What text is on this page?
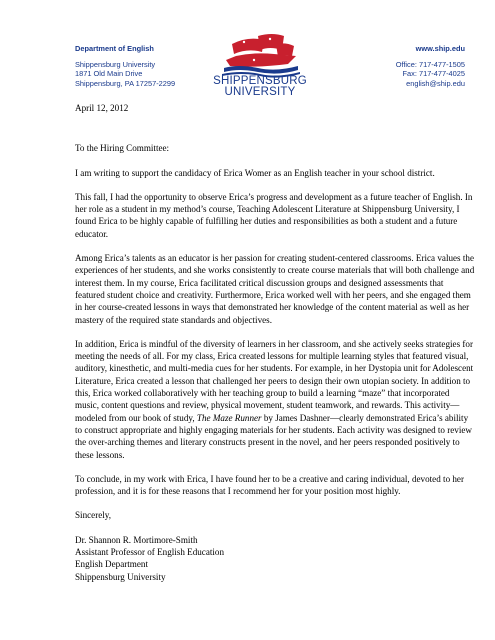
Department of English
Shippensburg University
1871 Old Main Drive
Shippensburg, PA 17257-2299	SHIPPENSBURG
UNIVERSITY
www.ship.edu
Office: 717-477-1505
Fax: 717-477-4025
english@ship.edu

April 12, 2012

To the Hiring Committee:

I am writing to support the candidacy of Erica Womer as an English teacher in your school district.

This fall, I had the opportunity to observe Erica’s progress and development as a future teacher of English. In her role as a student in my method’s course, Teaching Adolescent Literature at Shippensburg University, I found Erica to be highly capable of fulfilling her duties and responsibilities as both a student and a future educator.

Among Erica’s talents as an educator is her passion for creating student-centered classrooms. Erica values the experiences of her students, and she works consistently to create course materials that will both challenge and interest them. In my course, Erica facilitated critical discussion groups and designed assessments that featured student choice and creativity. Furthermore, Erica worked well with her peers, and she engaged them in her course-created lessons in ways that demonstrated her knowledge of the content material as well as her mastery of the required state standards and objectives.

In addition, Erica is mindful of the diversity of learners in her classroom, and she actively seeks strategies for meeting the needs of all. For my class, Erica created lessons for multiple learning styles that featured visual, auditory, kinesthetic, and multi-media cues for her students. For example, in her Dystopia unit for Adolescent Literature, Erica created a lesson that challenged her peers to design their own utopian society. In addition to this, Erica worked collaboratively with her teaching group to build a learning “maze” that incorporated music, content questions and review, physical movement, student teamwork, and rewards. This activity—modeled from our book of study, The Maze Runner by James Dashner—clearly demonstrated Erica’s ability to construct appropriate and highly engaging materials for her students. Each activity was designed to review the over-arching themes and literary constructs present in the novel, and her peers responded positively to these lessons.

To conclude, in my work with Erica, I have found her to be a creative and caring individual, devoted to her profession, and it is for these reasons that I recommend her for your position most highly.

Sincerely,

Dr. Shannon R. Mortimore-Smith
Assistant Professor of English Education
English Department
Shippensburg University
